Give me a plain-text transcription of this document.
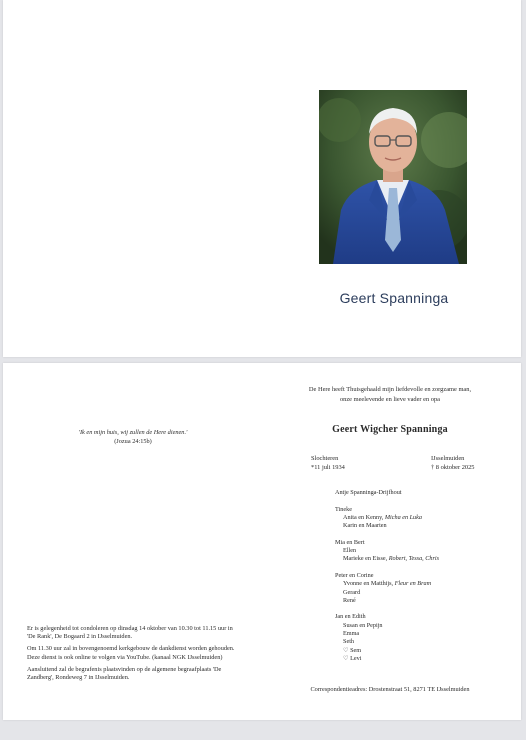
Geert Spanninga
'Ik en mijn huis, wij zullen de Here dienen.'
(Jozua 24:15b)

Er is gelegenheid tot condoleren op dinsdag 14 oktober van 10.30 tot 11.15 uur in 'De Rank', De Bogaard 2 in IJsselmuiden.

Om 11.30 uur zal in bovengenoemd kerkgebouw de dankdienst worden gehouden. Deze dienst is ook online te volgen via YouTube. (kanaal NGK IJsselmuiden)

Aansluitend zal de begrafenis plaatsvinden op de algemene begraafplaats 'De Zandberg', Rondeweg 7 in IJsselmuiden.

De Here heeft Thuisgehaald mijn liefdevolle en zorgzame man,
onze meelevende en lieve vader en opa
Geert Wigcher Spanninga
Slochteren
*11 juli 1934
IJsselmuiden
† 8 oktober 2025
Antje Spanninga-Drijfhout
Tineke
Anita en Kenny, Micha en Luka
Karin en Maarten
Mia en Bert
Ellen
Marieke en Eisse, Robert, Tessa, Chris
Peter en Corine
Yvonne en Matthijs, Fleur en Bram
Gerard
René
Jan en Edith
Susan en Pepijn
Emma
Seth
♡ Sem
♡ Levi
Correspondentieadres: Drostenstraat 51, 8271 TE IJsselmuiden
